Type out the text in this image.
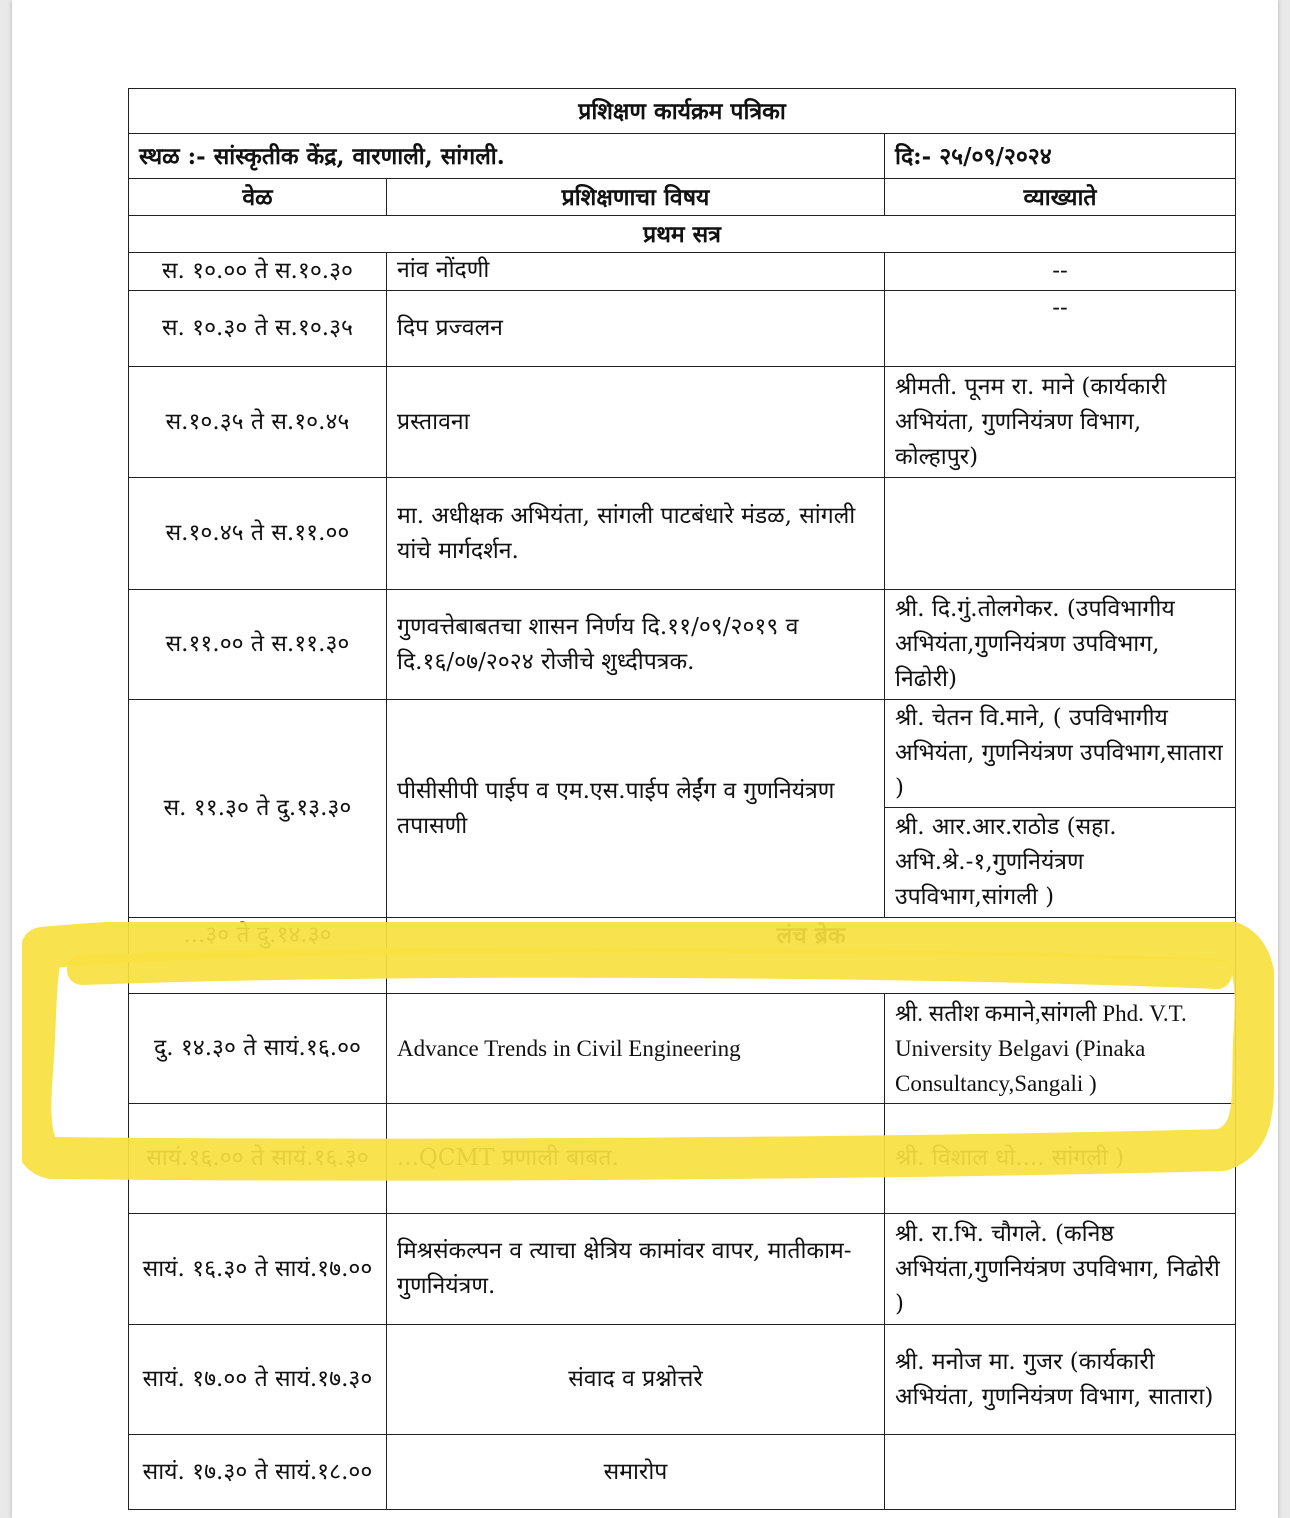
प्रशिक्षण कार्यक्रम पत्रिका		
स्थळ :- सांस्कृतीक केंद्र, वारणाली, सांगली.		दि:- २५/०९/२०२४
वेळ	प्रशिक्षणाचा विषय	व्याख्याते
प्रथम सत्र		
स. १०.०० ते स.१०.३०	नांव नोंदणी	--
स. १०.३० ते स.१०.३५	दिप प्रज्वलन	--
स.१०.३५ ते स.१०.४५	प्रस्तावना	श्रीमती. पूनम रा. माने (कार्यकारी अभियंता, गुणनियंत्रण विभाग, कोल्हापुर)
स.१०.४५ ते स.११.००	मा. अधीक्षक अभियंता, सांगली पाटबंधारे मंडळ, सांगली यांचे मार्गदर्शन.	
स.११.०० ते स.११.३०	गुणवत्तेबाबतचा शासन निर्णय दि.११/०९/२०१९ व दि.१६/०७/२०२४ रोजीचे शुध्दीपत्रक.	श्री. दि.गुं.तोलगेकर. (उपविभागीय अभियंता,गुणनियंत्रण उपविभाग, निढोरी)
स. ११.३० ते दु.१३.३०	पीसीसीपी पाईप व एम.एस.पाईप लेईंग व गुणनियंत्रण तपासणी	श्री. चेतन वि.माने, ( उपविभागीय अभियंता, गुणनियंत्रण उपविभाग,सातारा )
		श्री. आर.आर.राठोड (सहा. अभि.श्रे.-१,गुणनियंत्रण उपविभाग,सांगली )
...३० ते दु.१४.३०	लंच ब्रेक	
दु. १४.३० ते सायं.१६.००	Advance Trends in Civil Engineering	श्री. सतीश कमाने,सांगली Phd. V.T. University Belgavi (Pinaka Consultancy,Sangali )
सायं.१६.०० ते सायं.१६.३०	...QCMT प्रणाली बाबत.	श्री. विशाल धो.... सांगली )
सायं. १६.३० ते सायं.१७.००	मिश्रसंकल्पन व त्याचा क्षेत्रिय कामांवर वापर, मातीकाम-गुणनियंत्रण.	श्री. रा.भि. चौगले. (कनिष्ठ अभियंता,गुणनियंत्रण उपविभाग, निढोरी )
सायं. १७.०० ते सायं.१७.३०	संवाद व प्रश्नोत्तरे	श्री. मनोज मा. गुजर (कार्यकारी अभियंता, गुणनियंत्रण विभाग, सातारा)
सायं. १७.३० ते सायं.१८.००	समारोप	
